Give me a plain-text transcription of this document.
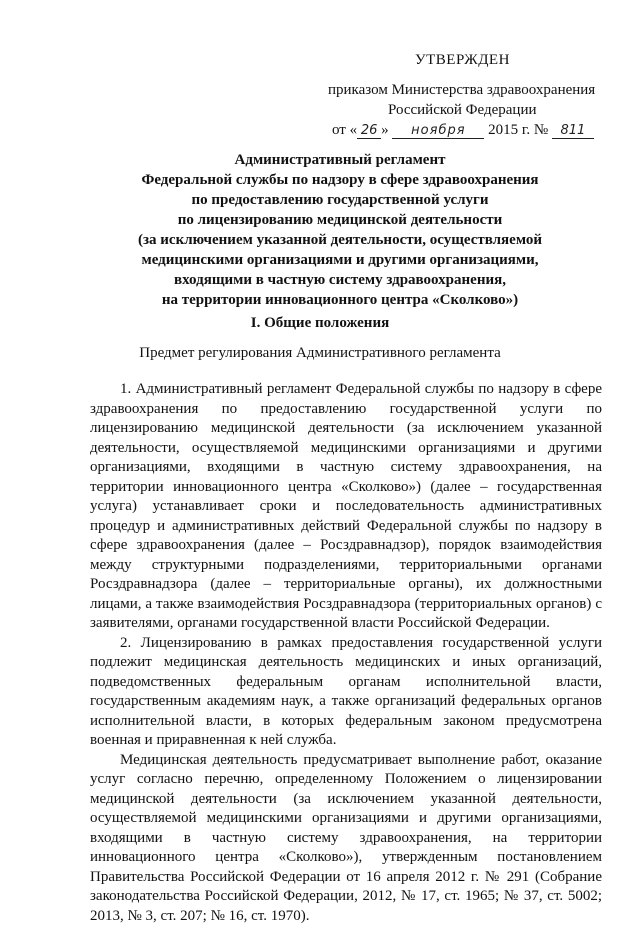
УТВЕРЖДЕН
приказом Министерства здравоохранения
Российской Федерации
от « 26 » ноября 2015 г. № 811
Административный регламент
Федеральной службы по надзору в сфере здравоохранения
по предоставлению государственной услуги
по лицензированию медицинской деятельности
(за исключением указанной деятельности, осуществляемой
медицинскими организациями и другими организациями,
входящими в частную систему здравоохранения,
на территории инновационного центра «Сколково»)
I. Общие положения
Предмет регулирования Административного регламента

1. Административный регламент Федеральной службы по надзору в сфере здравоохранения по предоставлению государственной услуги по лицензированию медицинской деятельности (за исключением указанной деятельности, осуществляемой медицинскими организациями и другими организациями, входящими в частную систему здравоохранения, на территории инновационного центра «Сколково») (далее – государственная услуга) устанавливает сроки и последовательность административных процедур и административных действий Федеральной службы по надзору в сфере здравоохранения (далее – Росздравнадзор), порядок взаимодействия между структурными подразделениями, территориальными органами Росздравнадзора (далее – территориальные органы), их должностными лицами, а также взаимодействия Росздравнадзора (территориальных органов) с заявителями, органами государственной власти Российской Федерации.

2. Лицензированию в рамках предоставления государственной услуги подлежит медицинская деятельность медицинских и иных организаций, подведомственных федеральным органам исполнительной власти, государственным академиям наук, а также организаций федеральных органов исполнительной власти, в которых федеральным законом предусмотрена военная и приравненная к ней служба.

Медицинская деятельность предусматривает выполнение работ, оказание услуг согласно перечню, определенному Положением о лицензировании медицинской деятельности (за исключением указанной деятельности, осуществляемой медицинскими организациями и другими организациями, входящими в частную систему здравоохранения, на территории инновационного центра «Сколково»), утвержденным постановлением Правительства Российской Федерации от 16 апреля 2012 г. № 291 (Собрание законодательства Российской Федерации, 2012, № 17, ст. 1965; № 37, ст. 5002; 2013, № 3, ст. 207; № 16, ст. 1970).
